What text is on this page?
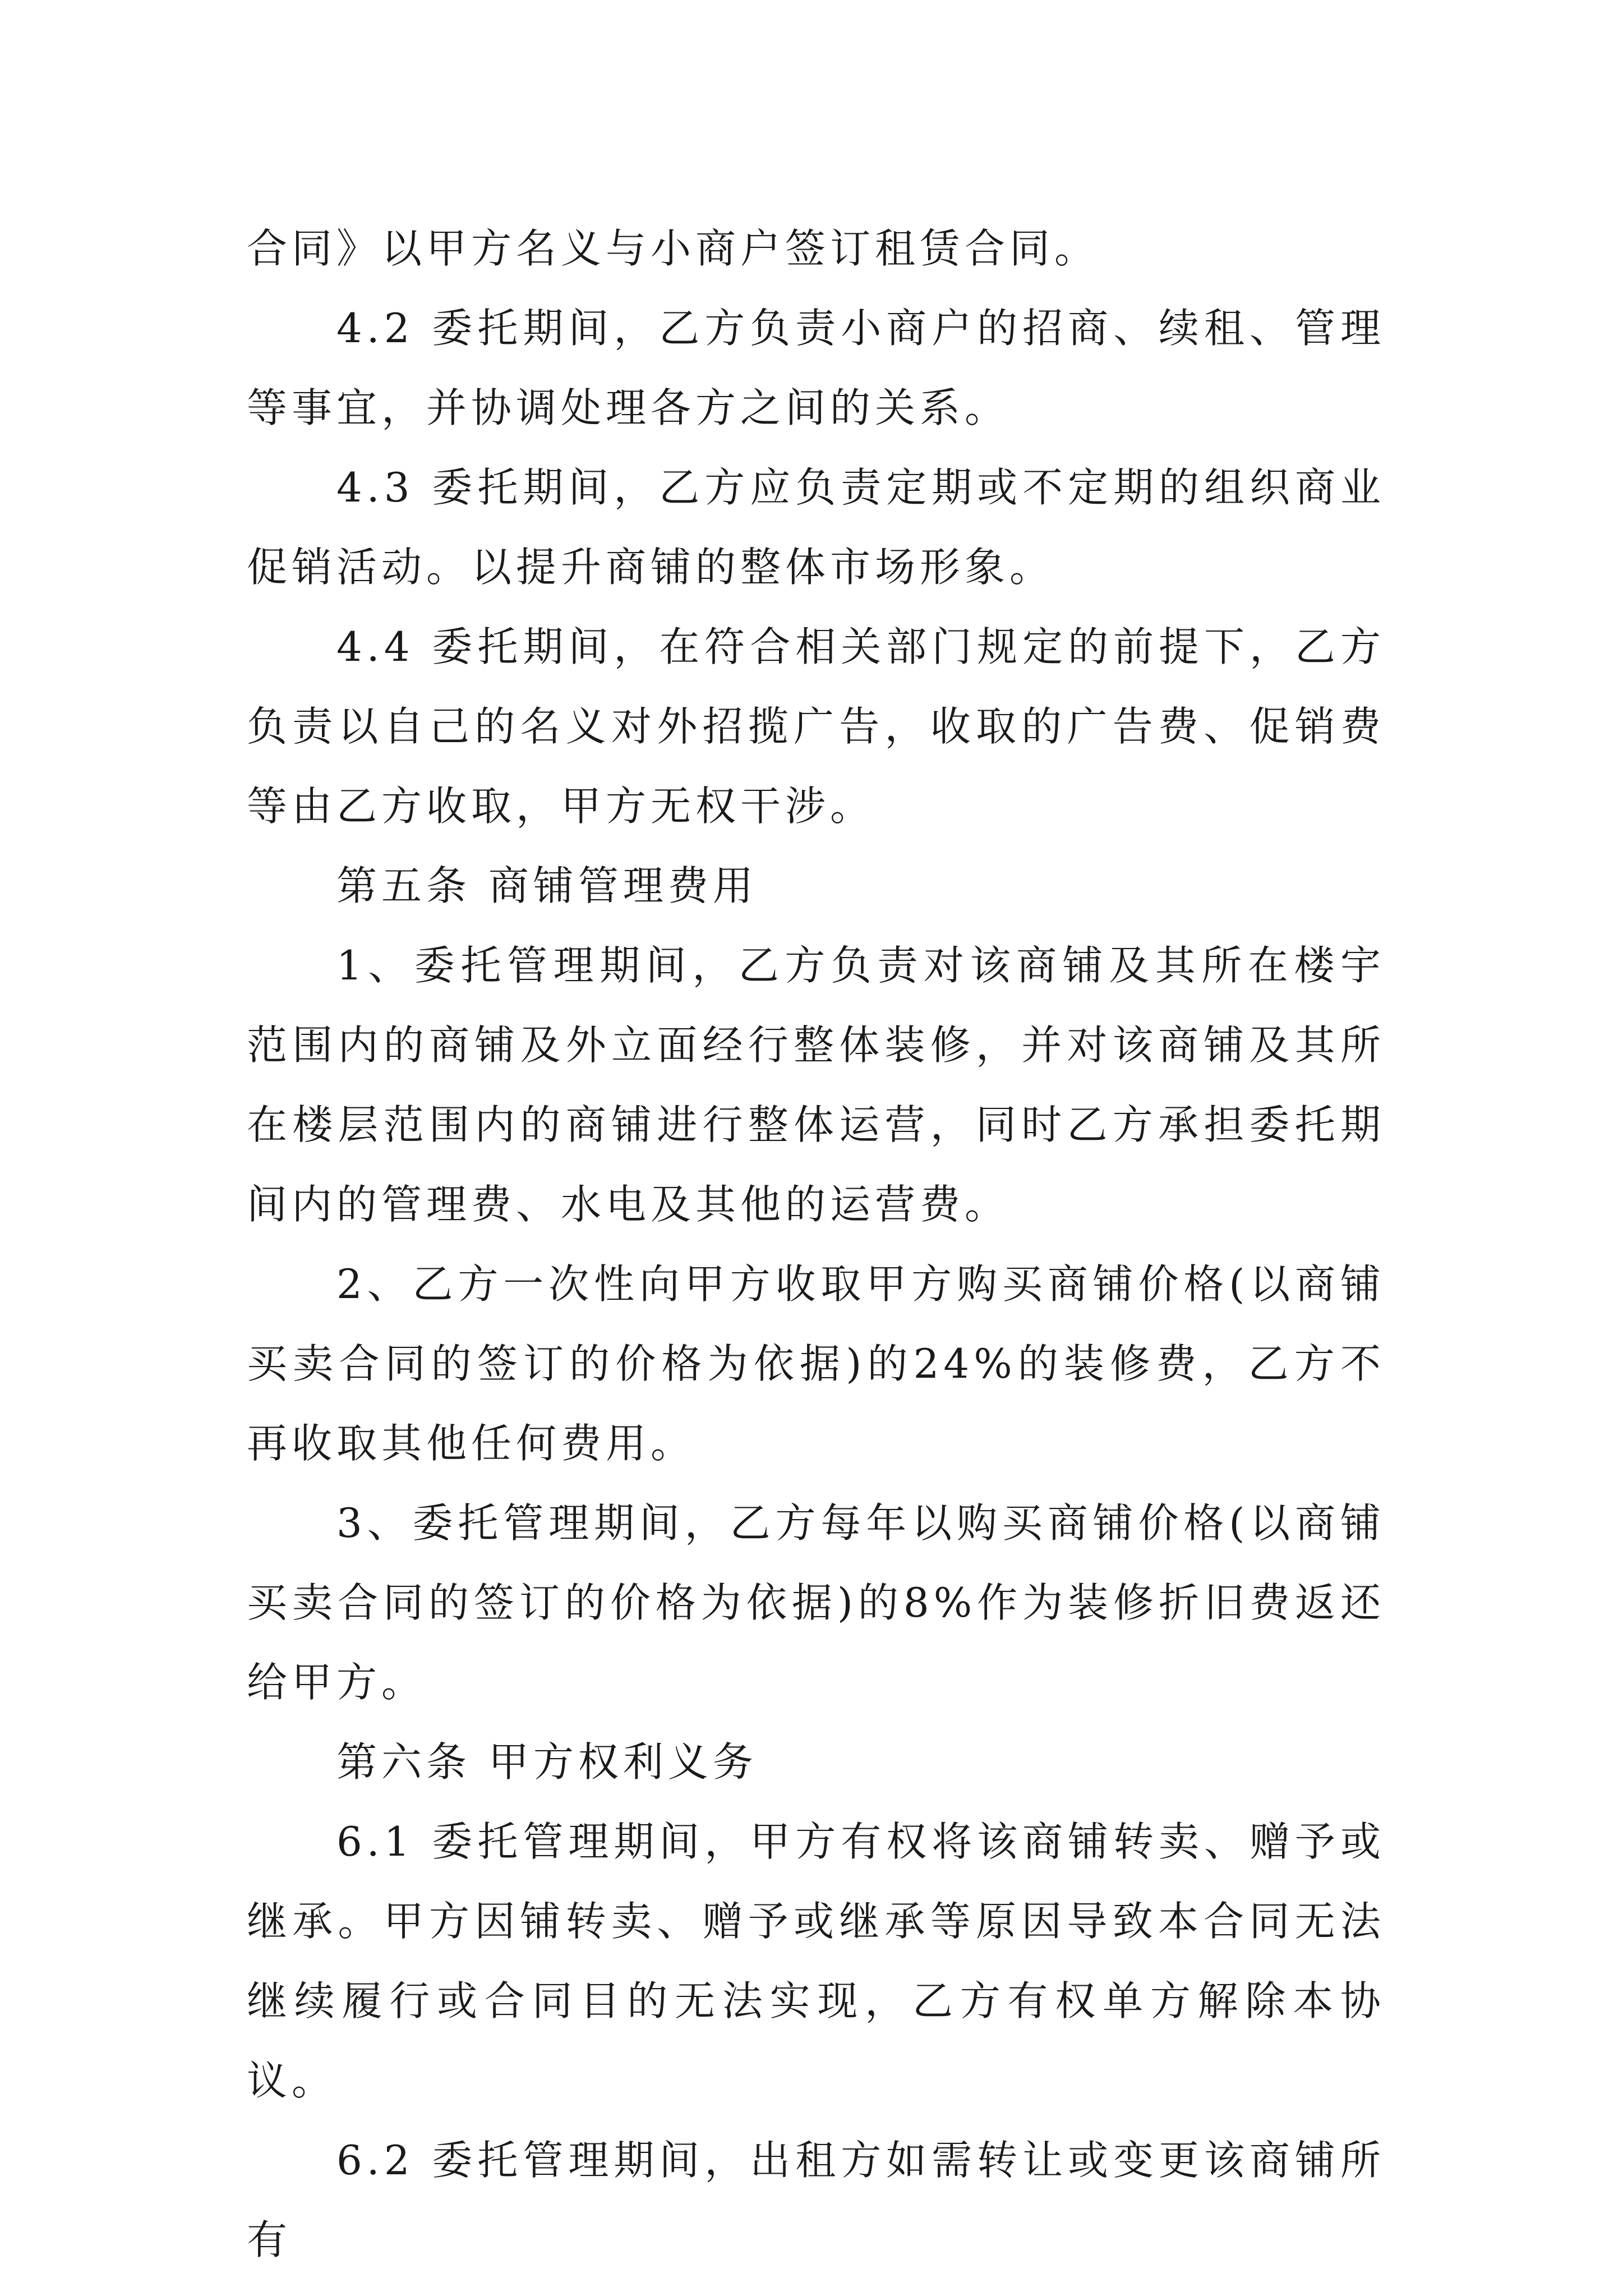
合同》以甲方名义与小商户签订租赁合同。

4.2 委托期间，乙方负责小商户的招商、续租、管理等事宜，并协调处理各方之间的关系。

4.3 委托期间，乙方应负责定期或不定期的组织商业促销活动。以提升商铺的整体市场形象。

4.4 委托期间，在符合相关部门规定的前提下，乙方负责以自己的名义对外招揽广告，收取的广告费、促销费等由乙方收取，甲方无权干涉。

第五条 商铺管理费用

1、委托管理期间，乙方负责对该商铺及其所在楼宇范围内的商铺及外立面经行整体装修，并对该商铺及其所在楼层范围内的商铺进行整体运营，同时乙方承担委托期间内的管理费、水电及其他的运营费。

2、乙方一次性向甲方收取甲方购买商铺价格(以商铺买卖合同的签订的价格为依据)的24%的装修费，乙方不再收取其他任何费用。

3、委托管理期间，乙方每年以购买商铺价格(以商铺买卖合同的签订的价格为依据)的8%作为装修折旧费返还给甲方。

第六条 甲方权利义务

6.1 委托管理期间，甲方有权将该商铺转卖、赠予或继承。甲方因铺转卖、赠予或继承等原因导致本合同无法继续履行或合同目的无法实现，乙方有权单方解除本协议。

6.2 委托管理期间，出租方如需转让或变更该商铺所有
